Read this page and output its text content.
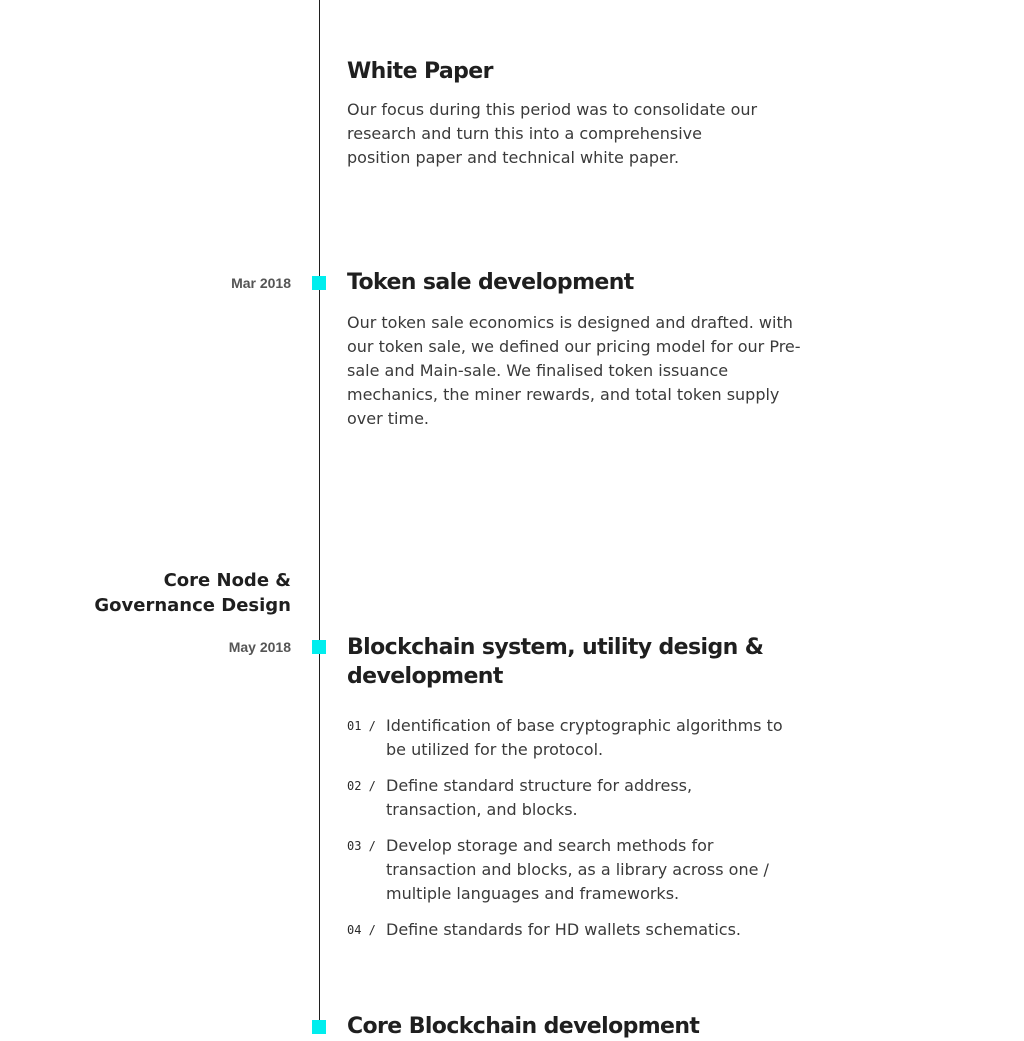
White Paper

Our focus during this period was to consolidate our research and turn this into a comprehensive position paper and technical white paper.

Mar 2018	Token sale development

Our token sale economics is designed and drafted. with our token sale, we defined our pricing model for our Pre-sale and Main-sale. We finalised token issuance mechanics, the miner rewards, and total token supply over time.

Core Node & Governance Design
May 2018	Blockchain system, utility design & development
01 / Identification of base cryptographic algorithms to be utilized for the protocol.
02 / Define standard structure for address, transaction, and blocks.
03 / Develop storage and search methods for transaction and blocks, as a library across one / multiple languages and frameworks.
04 / Define standards for HD wallets schematics.
Core Blockchain development
